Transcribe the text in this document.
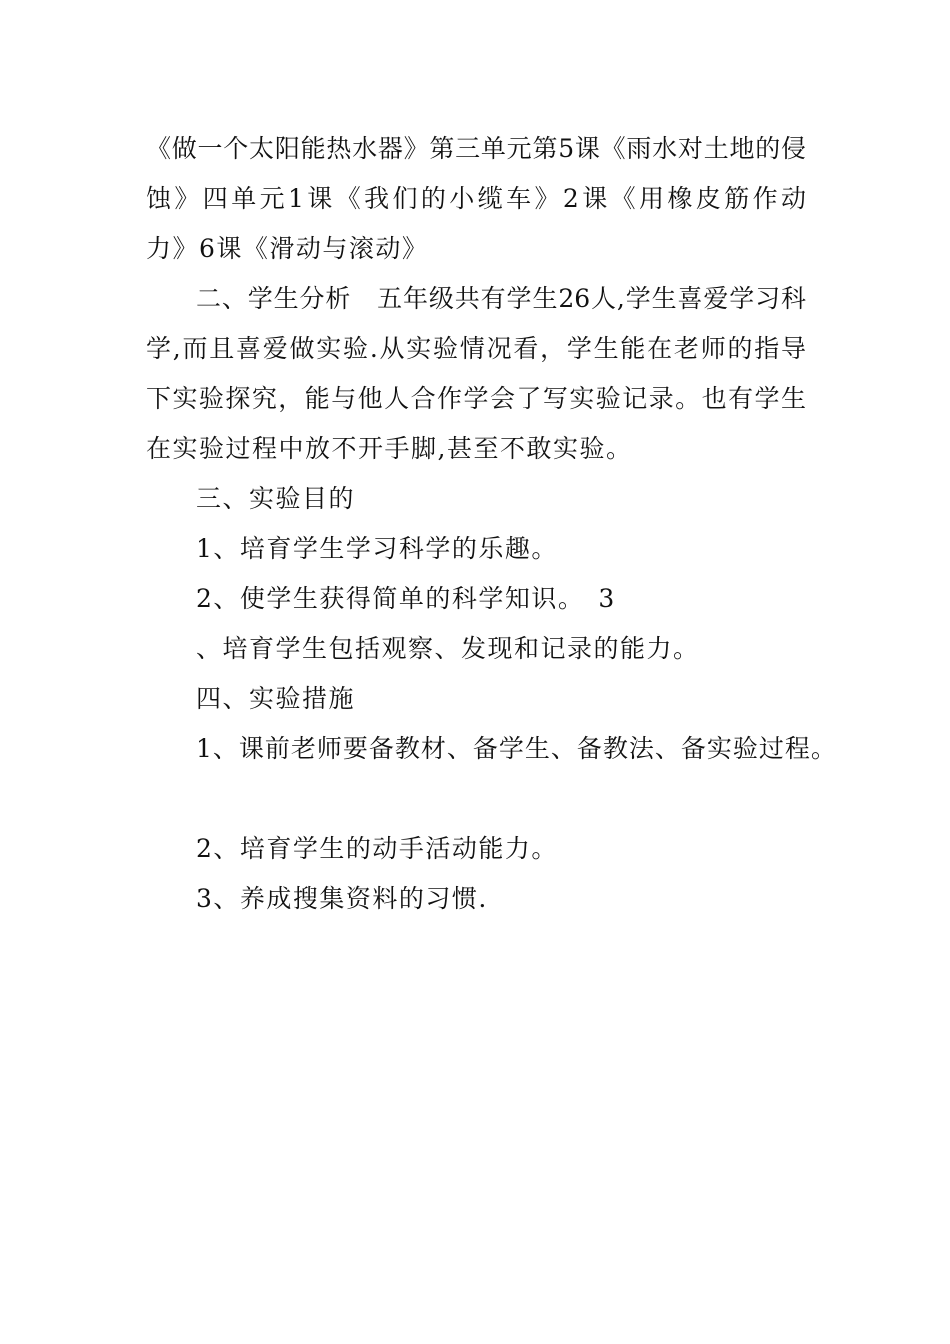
《做一个太阳能热水器》第三单元第5课《雨水对土地的侵
蚀》四单元1课《我们的小缆车》2课《用橡皮筋作动
力》6课《滑动与滚动》
二、学生分析　五年级共有学生26人,学生喜爱学习科
学,而且喜爱做实验.从实验情况看，学生能在老师的指导
下实验探究，能与他人合作学会了写实验记录。也有学生
在实验过程中放不开手脚,甚至不敢实验。
三、实验目的
1、培育学生学习科学的乐趣。
2、使学生获得简单的科学知识。　3
、培育学生包括观察、发现和记录的能力。
四、实验措施
1、课前老师要备教材、备学生、备教法、备实验过程。
2、培育学生的动手活动能力。
3、养成搜集资料的习惯.
